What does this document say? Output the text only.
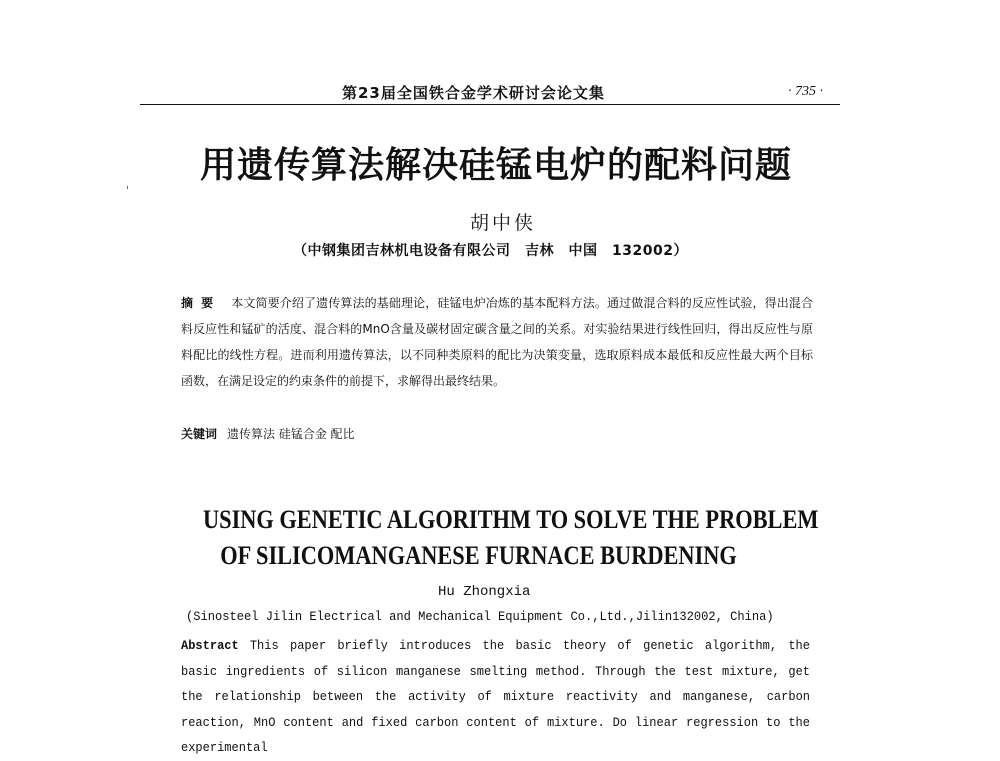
第23届全国铁合金学术研讨会论文集	· 735 ·
用遗传算法解决硅锰电炉的配料问题
胡中侠
（中钢集团吉林机电设备有限公司　吉林　中国　132002）
摘要 本文简要介绍了遗传算法的基础理论，硅锰电炉冶炼的基本配料方法。通过做混合料的反应性试验，得出混合料反应性和锰矿的活度、混合料的MnO含量及碳材固定碳含量之间的关系。对实验结果进行线性回归，得出反应性与原料配比的线性方程。进而利用遗传算法，以不同种类原料的配比为决策变量，选取原料成本最低和反应性最大两个目标函数，在满足设定的约束条件的前提下，求解得出最终结果。
关键词 遗传算法 硅锰合金 配比
USING GENETIC ALGORITHM TO SOLVE THE PROBLEM
OF SILICOMANGANESE FURNACE BURDENING
Hu Zhongxia
(Sinosteel Jilin Electrical and Mechanical Equipment Co.,Ltd.,Jilin132002, China)
Abstract This paper briefly introduces the basic theory of genetic algorithm, the basic ingredients of silicon manganese smelting method. Through the test mixture, get the relationship between the activity of mixture reactivity and manganese, carbon reaction, MnO content and fixed carbon content of mixture. Do linear regression to the experimental
